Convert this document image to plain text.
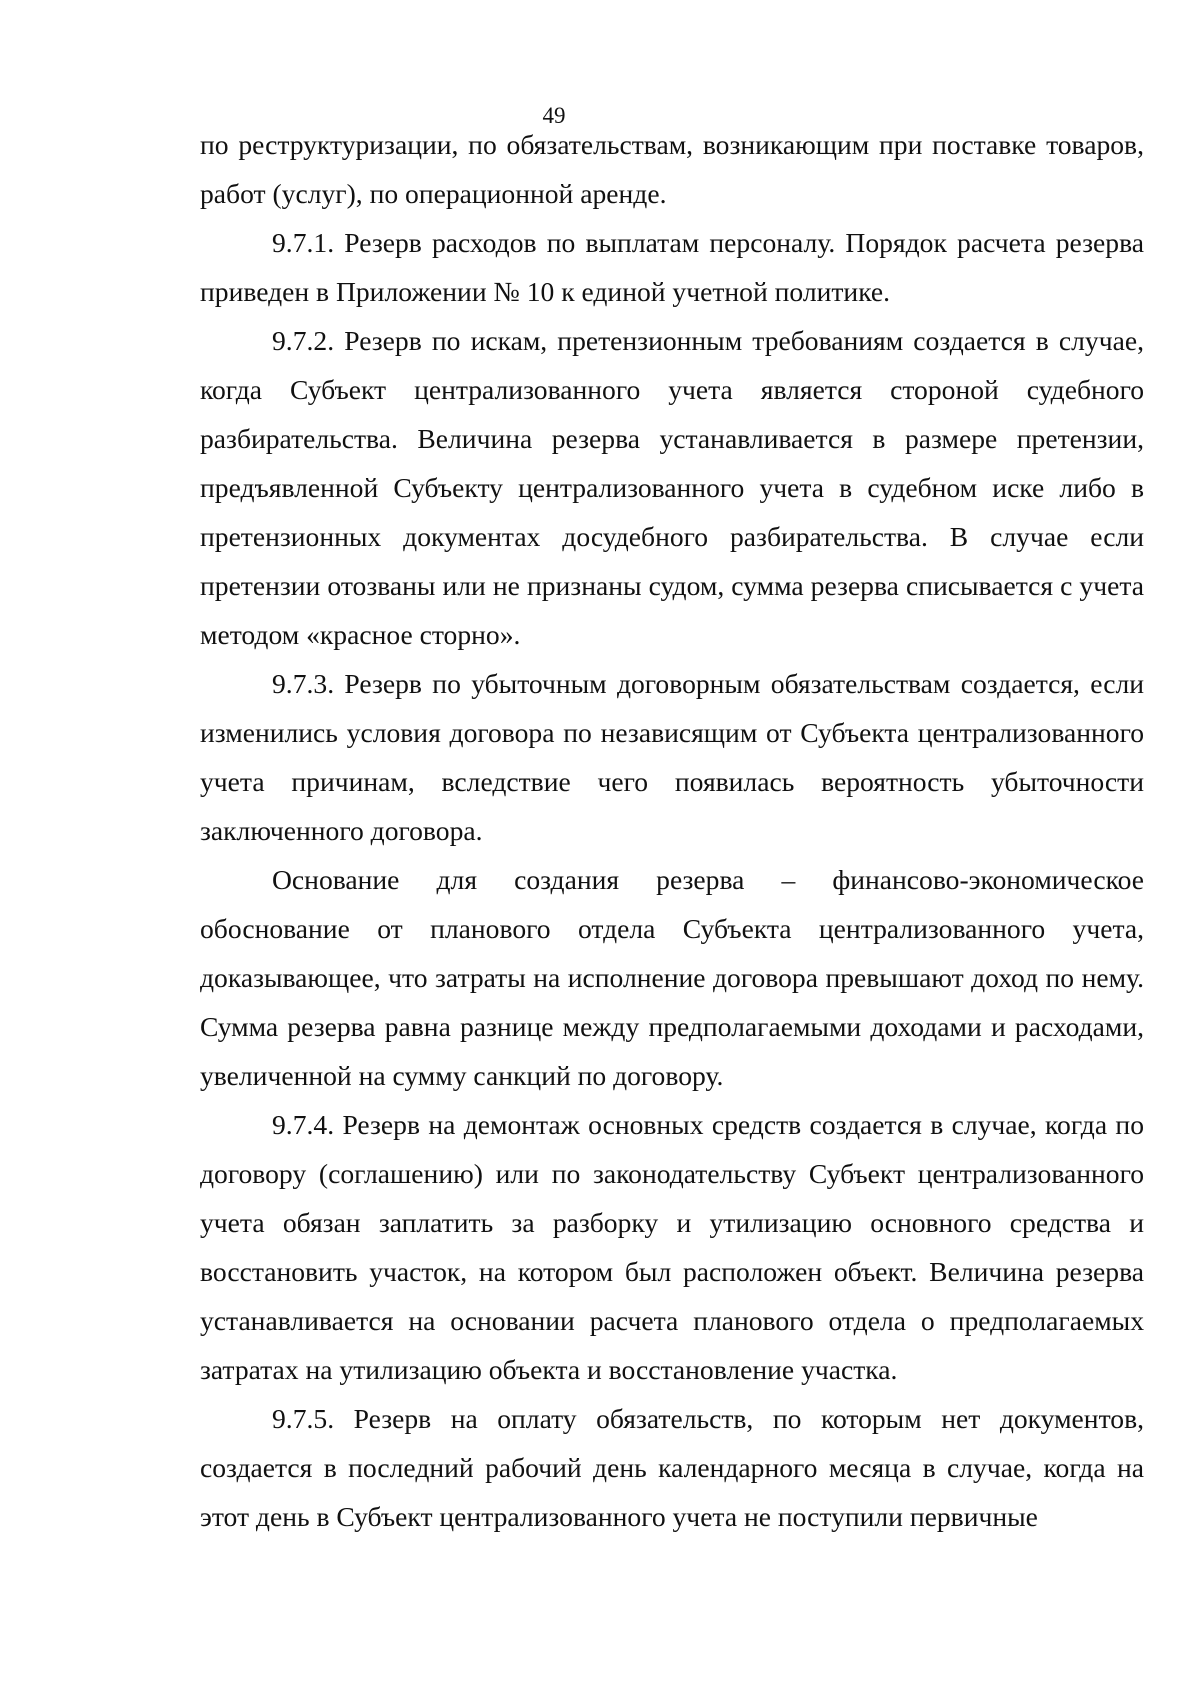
49

по реструктуризации, по обязательствам, возникающим при поставке товаров, работ (услуг), по операционной аренде.

9.7.1. Резерв расходов по выплатам персоналу. Порядок расчета резерва приведен в Приложении № 10 к единой учетной политике.

9.7.2. Резерв по искам, претензионным требованиям создается в случае, когда Субъект централизованного учета является стороной судебного разбирательства. Величина резерва устанавливается в размере претензии, предъявленной Субъекту централизованного учета в судебном иске либо в претензионных документах досудебного разбирательства. В случае если претензии отозваны или не признаны судом, сумма резерва списывается с учета методом «красное сторно».

9.7.3. Резерв по убыточным договорным обязательствам создается, если изменились условия договора по независящим от Субъекта централизованного учета причинам, вследствие чего появилась вероятность убыточности заключенного договора.

Основание для создания резерва – финансово-экономическое обоснование от планового отдела Субъекта централизованного учета, доказывающее, что затраты на исполнение договора превышают доход по нему. Сумма резерва равна разнице между предполагаемыми доходами и расходами, увеличенной на сумму санкций по договору.

9.7.4. Резерв на демонтаж основных средств создается в случае, когда по договору (соглашению) или по законодательству Субъект централизованного учета обязан заплатить за разборку и утилизацию основного средства и восстановить участок, на котором был расположен объект. Величина резерва устанавливается на основании расчета планового отдела о предполагаемых затратах на утилизацию объекта и восстановление участка.

9.7.5. Резерв на оплату обязательств, по которым нет документов, создается в последний рабочий день календарного месяца в случае, когда на этот день в Субъект централизованного учета не поступили первичные
